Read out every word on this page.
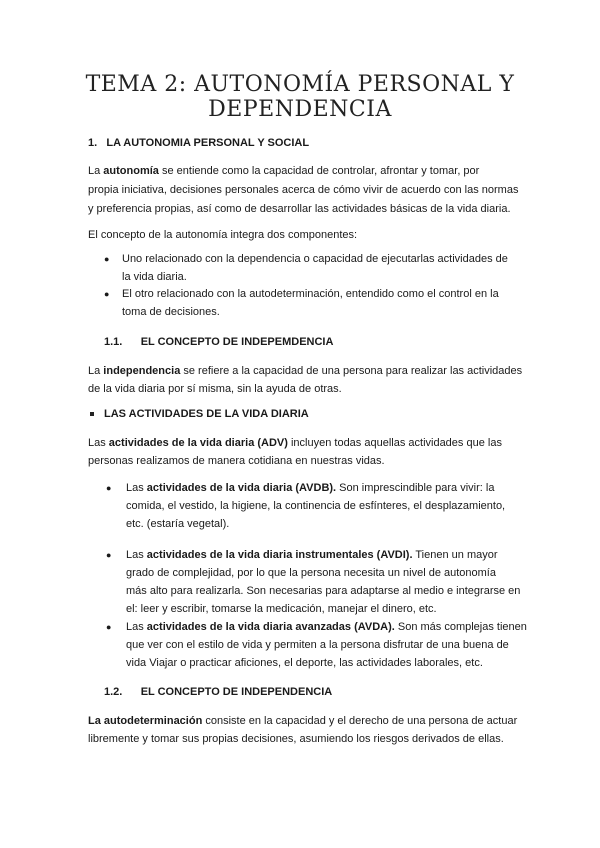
TEMA 2: AUTONOMÍA PERSONAL Y
DEPENDENCIA
1. LA AUTONOMIA PERSONAL Y SOCIAL
La autonomía se entiende como la capacidad de controlar, afrontar y tomar, por
propia iniciativa, decisiones personales acerca de cómo vivir de acuerdo con las normas
y preferencia propias, así como de desarrollar las actividades básicas de la vida diaria.
El concepto de la autonomía integra dos componentes:
● Uno relacionado con la dependencia o capacidad de ejecutarlas actividades de
la vida diaria.
● El otro relacionado con la autodeterminación, entendido como el control en la
toma de decisiones.
1.1. EL CONCEPTO DE INDEPEMDENCIA
La independencia se refiere a la capacidad de una persona para realizar las actividades
de la vida diaria por sí misma, sin la ayuda de otras.
LAS ACTIVIDADES DE LA VIDA DIARIA
Las actividades de la vida diaria (ADV) incluyen todas aquellas actividades que las
personas realizamos de manera cotidiana en nuestras vidas.
● Las actividades de la vida diaria (AVDB). Son imprescindible para vivir: la
comida, el vestido, la higiene, la continencia de esfínteres, el desplazamiento,
etc. (estaría vegetal).
● Las actividades de la vida diaria instrumentales (AVDI). Tienen un mayor
grado de complejidad, por lo que la persona necesita un nivel de autonomía
más alto para realizarla. Son necesarias para adaptarse al medio e integrarse en
el: leer y escribir, tomarse la medicación, manejar el dinero, etc.
● Las actividades de la vida diaria avanzadas (AVDA). Son más complejas tienen
que ver con el estilo de vida y permiten a la persona disfrutar de una buena de
vida Viajar o practicar aficiones, el deporte, las actividades laborales, etc.
1.2. EL CONCEPTO DE INDEPENDENCIA
La autodeterminación consiste en la capacidad y el derecho de una persona de actuar
libremente y tomar sus propias decisiones, asumiendo los riesgos derivados de ellas.
